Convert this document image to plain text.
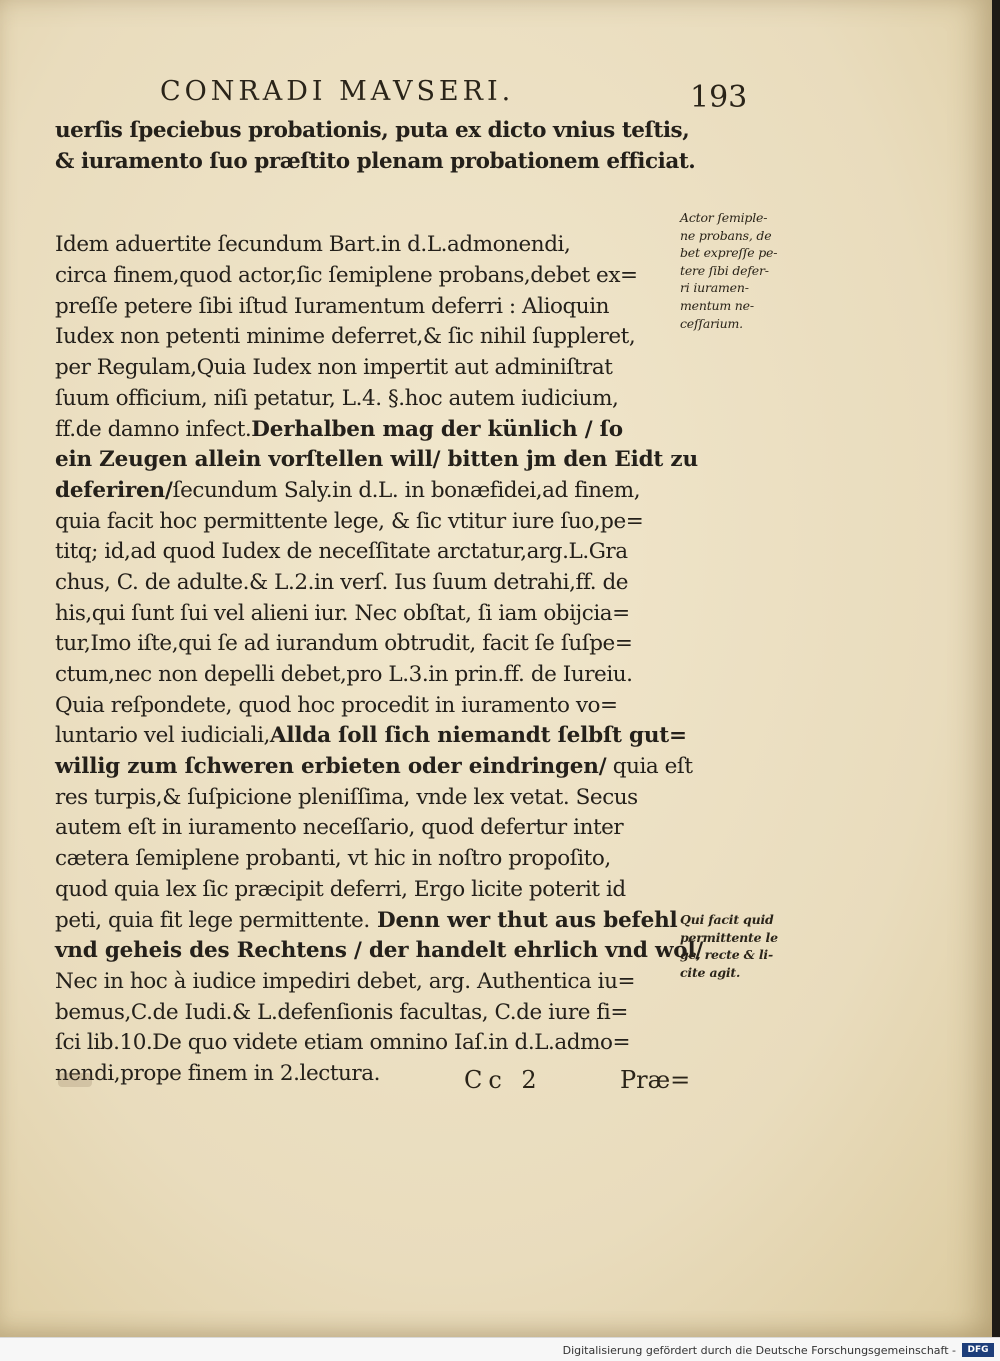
CONRADI MAVSERI.	193
uerſis ſpeciebus probationis, puta ex dicto vnius teſtis,
& iuramento ſuo præſtito plenam probationem efficiat.
Idem aduertite ſecundum Bart.in d.L.admonendi,
circa finem,quod actor,ſic ſemiplene probans,debet ex=
preſſe petere ſibi iſtud Iuramentum deferri : Alioquin
Iudex non petenti minime deferret,& ſic nihil ſuppleret,
per Regulam,Quia Iudex non impertit aut adminiſtrat
ſuum officium, niſi petatur, L.4. §.hoc autem iudicium,
ff.de damno infect.Derhalben mag der künlich / ſo
ein Zeugen allein vorſtellen will/ bitten jm den Eidt zu
deferiren/ſecundum Saly.in d.L. in bonæfidei,ad finem,
quia facit hoc permittente lege, & ſic vtitur iure ſuo,pe=
titq; id,ad quod Iudex de neceſſitate arctatur,arg.L.Gra
chus, C. de adulte.& L.2.in verſ. Ius ſuum detrahi,ff. de
his,qui ſunt ſui vel alieni iur. Nec obſtat, ſi iam obijcia=
tur,Imo iſte,qui ſe ad iurandum obtrudit, facit ſe ſuſpe=
ctum,nec non depelli debet,pro L.3.in prin.ff. de Iureiu.
Quia reſpondete, quod hoc procedit in iuramento vo=
luntario vel iudiciali,Allda ſoll ſich niemandt ſelbſt gut=
willig zum ſchweren erbieten oder eindringen/ quia eſt
res turpis,& ſuſpicione pleniſſima, vnde lex vetat. Secus
autem eſt in iuramento neceſſario, quod defertur inter
cætera ſemiplene probanti, vt hic in noſtro propoſito,
quod quia lex ſic præcipit deferri, Ergo licite poterit id
peti, quia fit lege permittente. Denn wer thut aus befehl
vnd geheis des Rechtens / der handelt ehrlich vnd wol/
Nec in hoc à iudice impediri debet, arg. Authentica iu=
bemus,C.de Iudi.& L.defenſionis facultas, C.de iure fi=
ſci lib.10.De quo videte etiam omnino Iaſ.in d.L.admo=
nendi,prope finem in 2.lectura.
Actor ſemiple-
ne probans, de
bet expreſſe pe-
tere ſibi defer-
ri iuramen-
mentum ne-
ceſſarium.
Qui facit quid
permittente le
ge, recte & li-
cite agit.
Cc 2	Præ=
Digitalisierung gefördert durch die Deutsche Forschungsgemeinschaft -	DFG
